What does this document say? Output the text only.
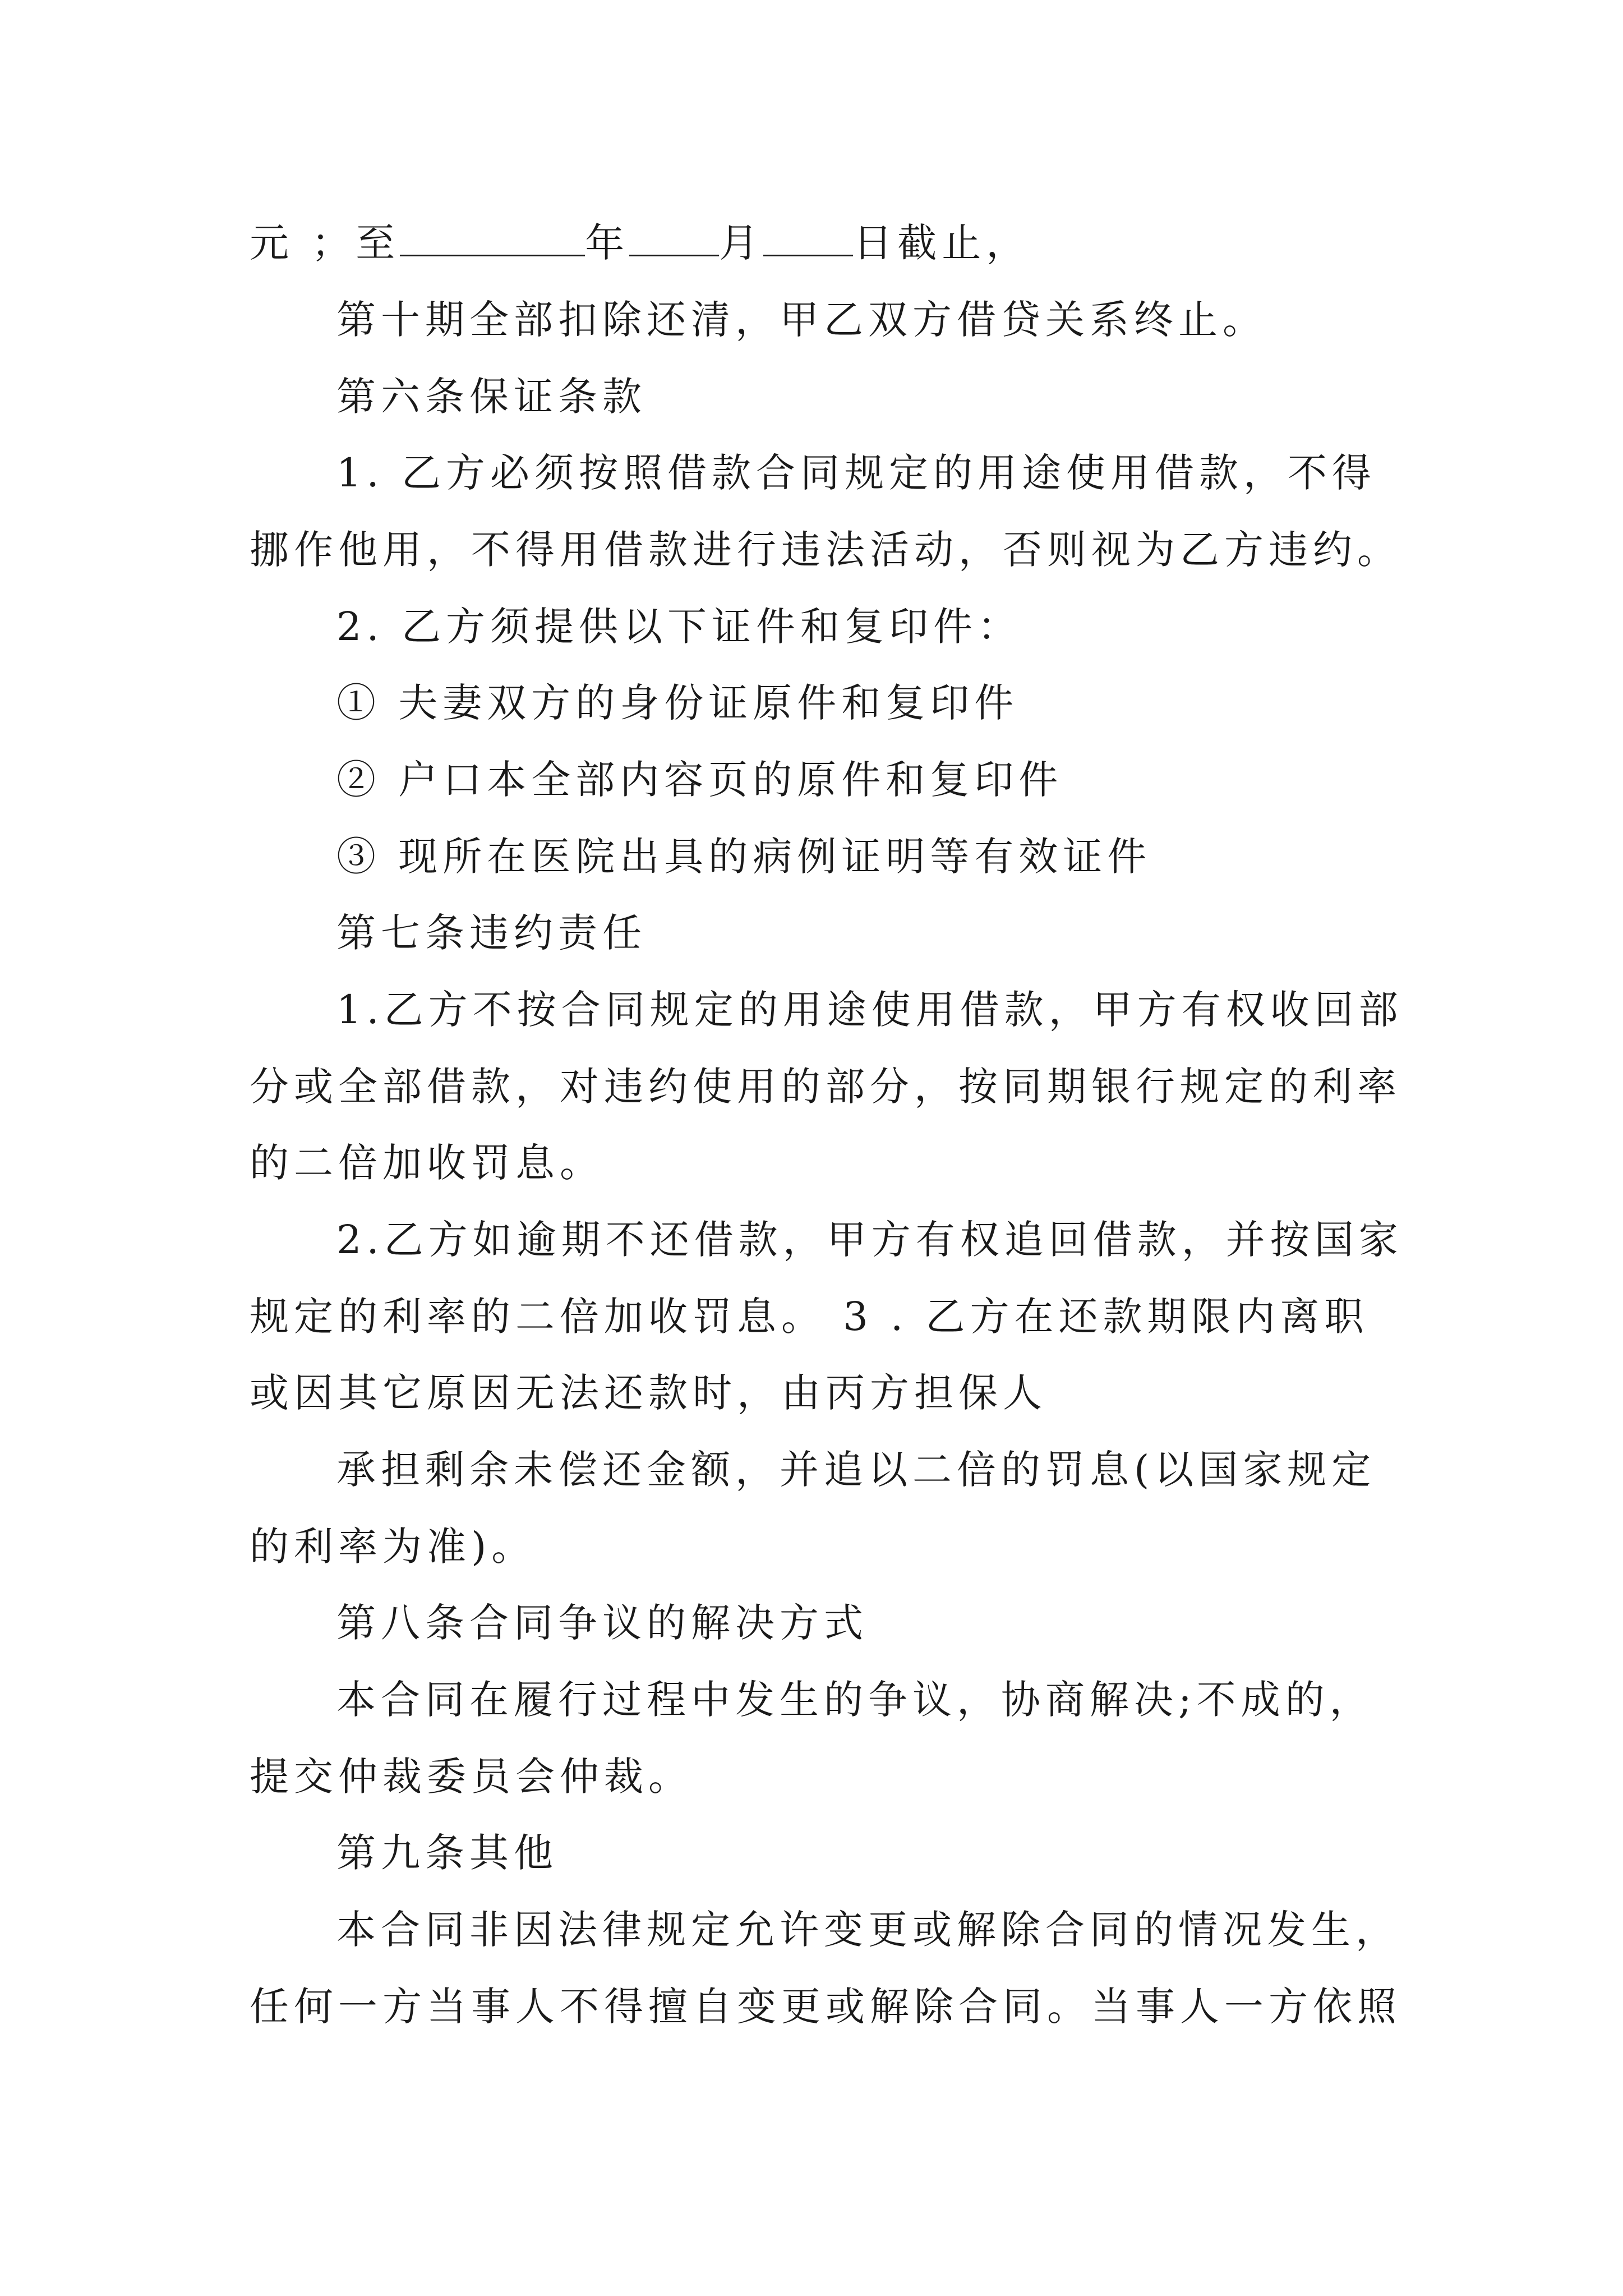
元 ；至	年 月 日截止，
第十期全部扣除还清，甲乙双方借贷关系终止。
第六条保证条款
1. 乙方必须按照借款合同规定的用途使用借款，不得
挪作他用，不得用借款进行违法活动，否则视为乙方违约。
2. 乙方须提供以下证件和复印件：
① 夫妻双方的身份证原件和复印件
② 户口本全部内容页的原件和复印件
③ 现所在医院出具的病例证明等有效证件
第七条违约责任
1.乙方不按合同规定的用途使用借款，甲方有权收回部
分或全部借款，对违约使用的部分，按同期银行规定的利率
的二倍加收罚息。
2.乙方如逾期不还借款，甲方有权追回借款，并按国家
规定的利率的二倍加收罚息。 3 . 乙方在还款期限内离职
或因其它原因无法还款时，由丙方担保人
承担剩余未偿还金额，并追以二倍的罚息(以国家规定
的利率为准)。
第八条合同争议的解决方式
本合同在履行过程中发生的争议，协商解决;不成的，
提交仲裁委员会仲裁。
第九条其他
本合同非因法律规定允许变更或解除合同的情况发生，
任何一方当事人不得擅自变更或解除合同。当事人一方依照
